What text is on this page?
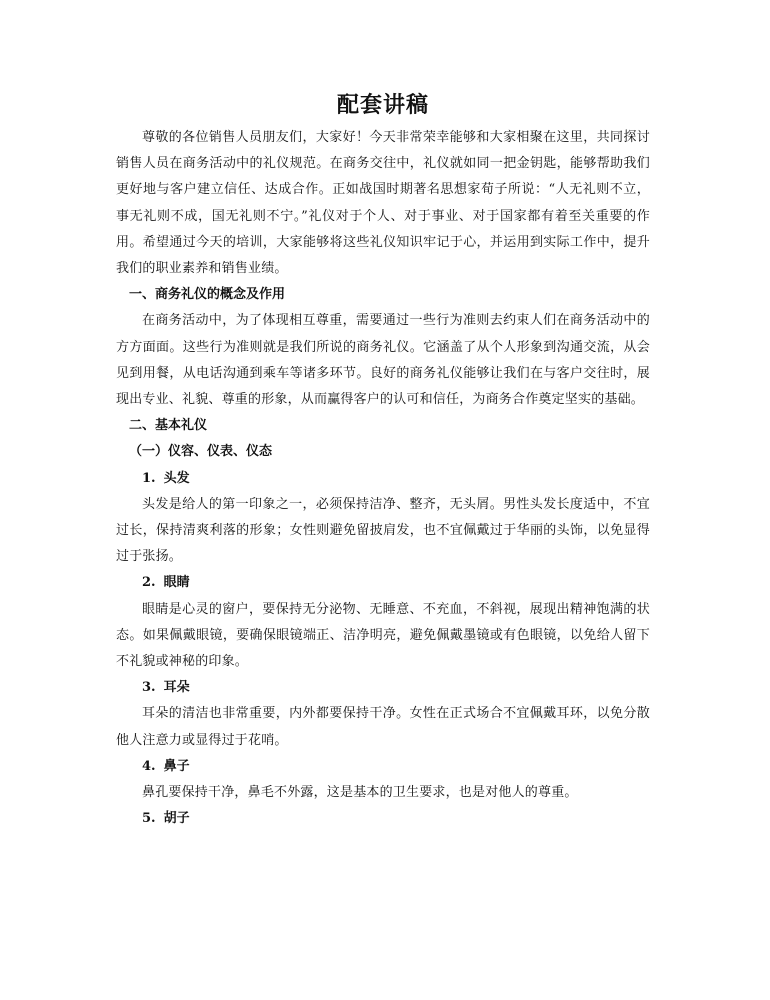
配套讲稿

尊敬的各位销售人员朋友们，大家好！今天非常荣幸能够和大家相聚在这里，共同探讨销售人员在商务活动中的礼仪规范。在商务交往中，礼仪就如同一把金钥匙，能够帮助我们更好地与客户建立信任、达成合作。正如战国时期著名思想家荀子所说：“人无礼则不立，事无礼则不成，国无礼则不宁。”礼仪对于个人、对于事业、对于国家都有着至关重要的作用。希望通过今天的培训，大家能够将这些礼仪知识牢记于心，并运用到实际工作中，提升我们的职业素养和销售业绩。

一、商务礼仪的概念及作用

在商务活动中，为了体现相互尊重，需要通过一些行为准则去约束人们在商务活动中的方方面面。这些行为准则就是我们所说的商务礼仪。它涵盖了从个人形象到沟通交流，从会见到用餐，从电话沟通到乘车等诸多环节。良好的商务礼仪能够让我们在与客户交往时，展现出专业、礼貌、尊重的形象，从而赢得客户的认可和信任，为商务合作奠定坚实的基础。

二、基本礼仪
（一）仪容、仪表、仪态
1. 头发

头发是给人的第一印象之一，必须保持洁净、整齐，无头屑。男性头发长度适中，不宜过长，保持清爽利落的形象；女性则避免留披肩发，也不宜佩戴过于华丽的头饰，以免显得过于张扬。

2. 眼睛

眼睛是心灵的窗户，要保持无分泌物、无睡意、不充血，不斜视，展现出精神饱满的状态。如果佩戴眼镜，要确保眼镜端正、洁净明亮，避免佩戴墨镜或有色眼镜，以免给人留下不礼貌或神秘的印象。

3. 耳朵

耳朵的清洁也非常重要，内外都要保持干净。女性在正式场合不宜佩戴耳环，以免分散他人注意力或显得过于花哨。

4. 鼻子

鼻孔要保持干净，鼻毛不外露，这是基本的卫生要求，也是对他人的尊重。

5. 胡子
